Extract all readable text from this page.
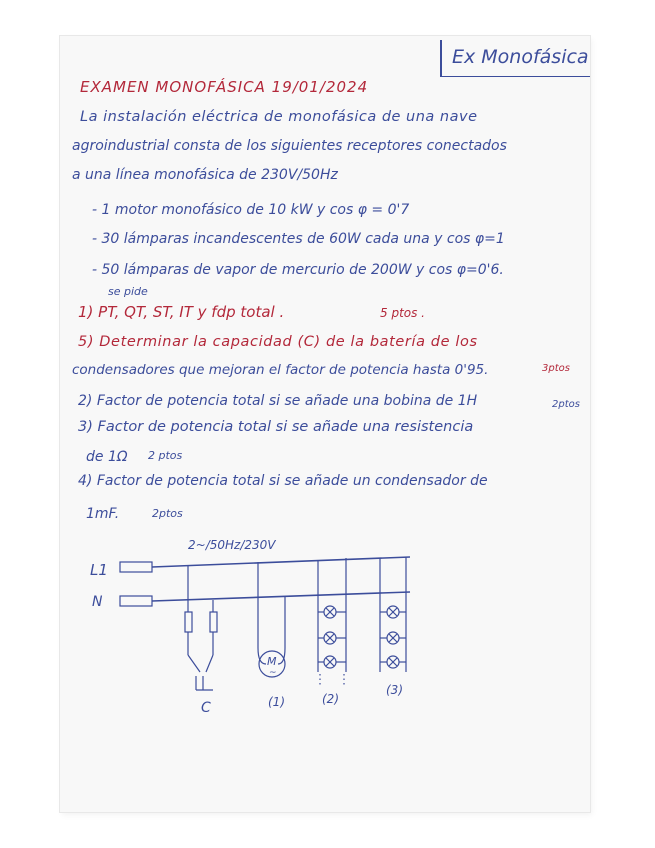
Ex Monofásica
EXAMEN MONOFÁSICA 19/01/2024
La instalación eléctrica de monofásica de una nave
agroindustrial consta de los siguientes receptores conectados
a una línea monofásica de 230V/50Hz
- 1 motor monofásico de 10 kW y cos φ = 0'7
- 30 lámparas incandescentes de 60W cada una y cos φ=1
- 50 lámparas de vapor de mercurio de 200W y cos φ=0'6.
se pide
1) PT, QT, ST, IT y fdp total .	5 ptos .
5) Determinar la capacidad (C) de la batería de los
condensadores que mejoran el factor de potencia hasta 0'95.	3ptos
2) Factor de potencia total si se añade una bobina de 1H	2ptos
3) Factor de potencia total si se añade una resistencia
de 1Ω 2 ptos
4) Factor de potencia total si se añade un condensador de
1mF.	2ptos
2~/50Hz/230V
L1
N
C
M
~
(1)	(2)
(3)
